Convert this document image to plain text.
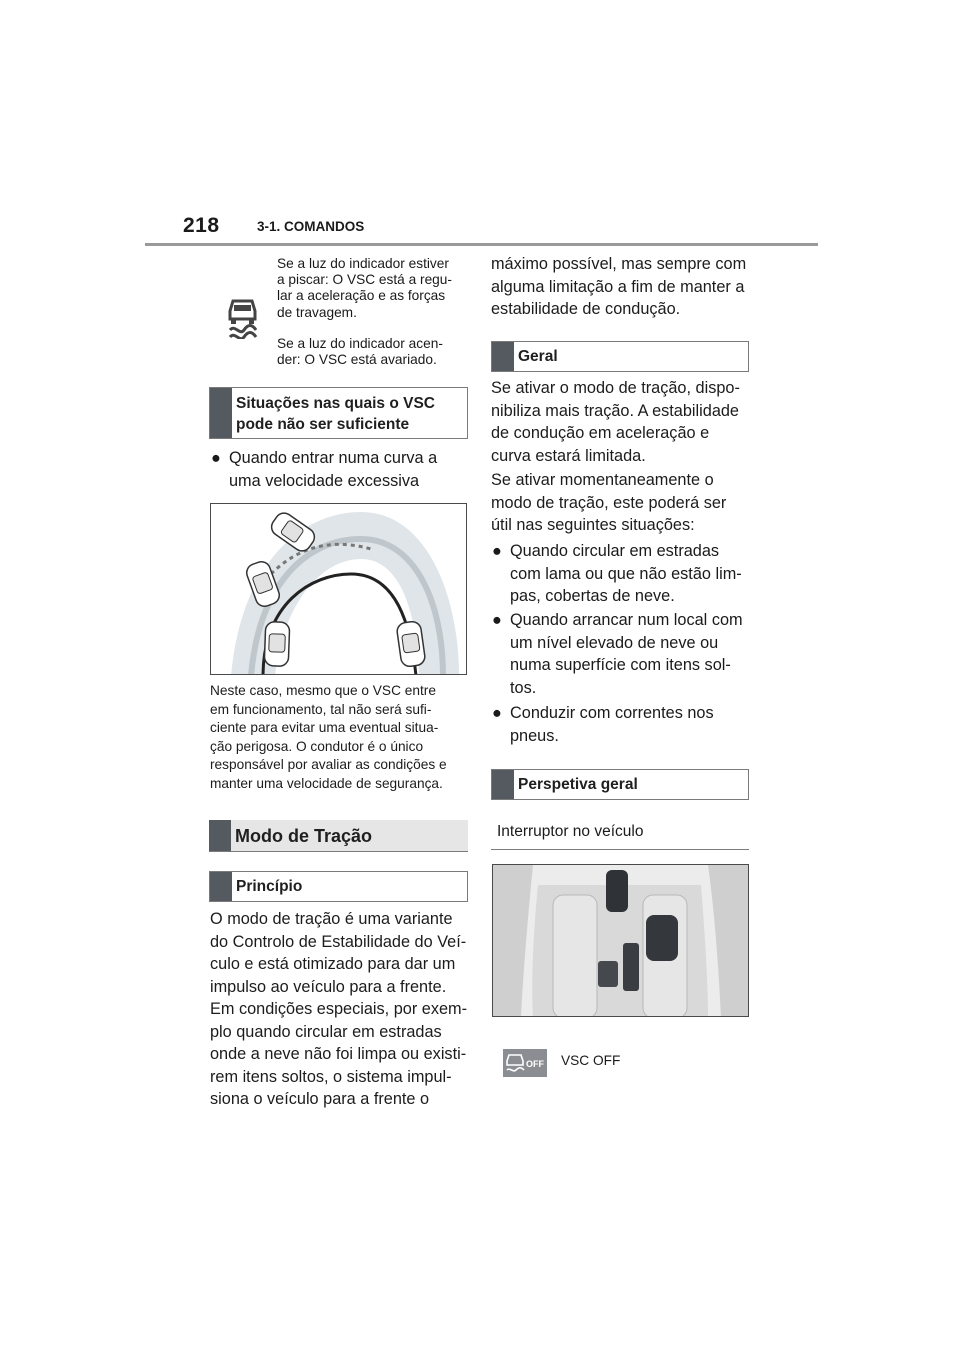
218	3-1. COMANDOS
Se a luz do indicador estiver
a piscar: O VSC está a regu-
lar a aceleração e as forças
de travagem.
Se a luz do indicador acen-
der: O VSC está avariado.
Situações nas quais o VSC
pode não ser suficiente
● Quando entrar numa curva a
uma velocidade excessiva
Neste caso, mesmo que o VSC entre
em funcionamento, tal não será sufi-
ciente para evitar uma eventual situa-
ção perigosa. O condutor é o único
responsável por avaliar as condições e
manter uma velocidade de segurança.
Modo de Tração
Princípio
O modo de tração é uma variante
do Controlo de Estabilidade do Veí-
culo e está otimizado para dar um
impulso ao veículo para a frente.
Em condições especiais, por exem-
plo quando circular em estradas
onde a neve não foi limpa ou existi-
rem itens soltos, o sistema impul-
siona o veículo para a frente o
máximo possível, mas sempre com
alguma limitação a fim de manter a
estabilidade de condução.
Geral
Se ativar o modo de tração, dispo-
nibiliza mais tração. A estabilidade
de condução em aceleração e
curva estará limitada.
Se ativar momentaneamente o
modo de tração, este poderá ser
útil nas seguintes situações:
● Quando circular em estradas
com lama ou que não estão lim-
pas, cobertas de neve.
● Quando arrancar num local com
um nível elevado de neve ou
numa superfície com itens sol-
tos.
● Conduzir com correntes nos
pneus.
Perspetiva geral
Interruptor no veículo
OFF VSC OFF
